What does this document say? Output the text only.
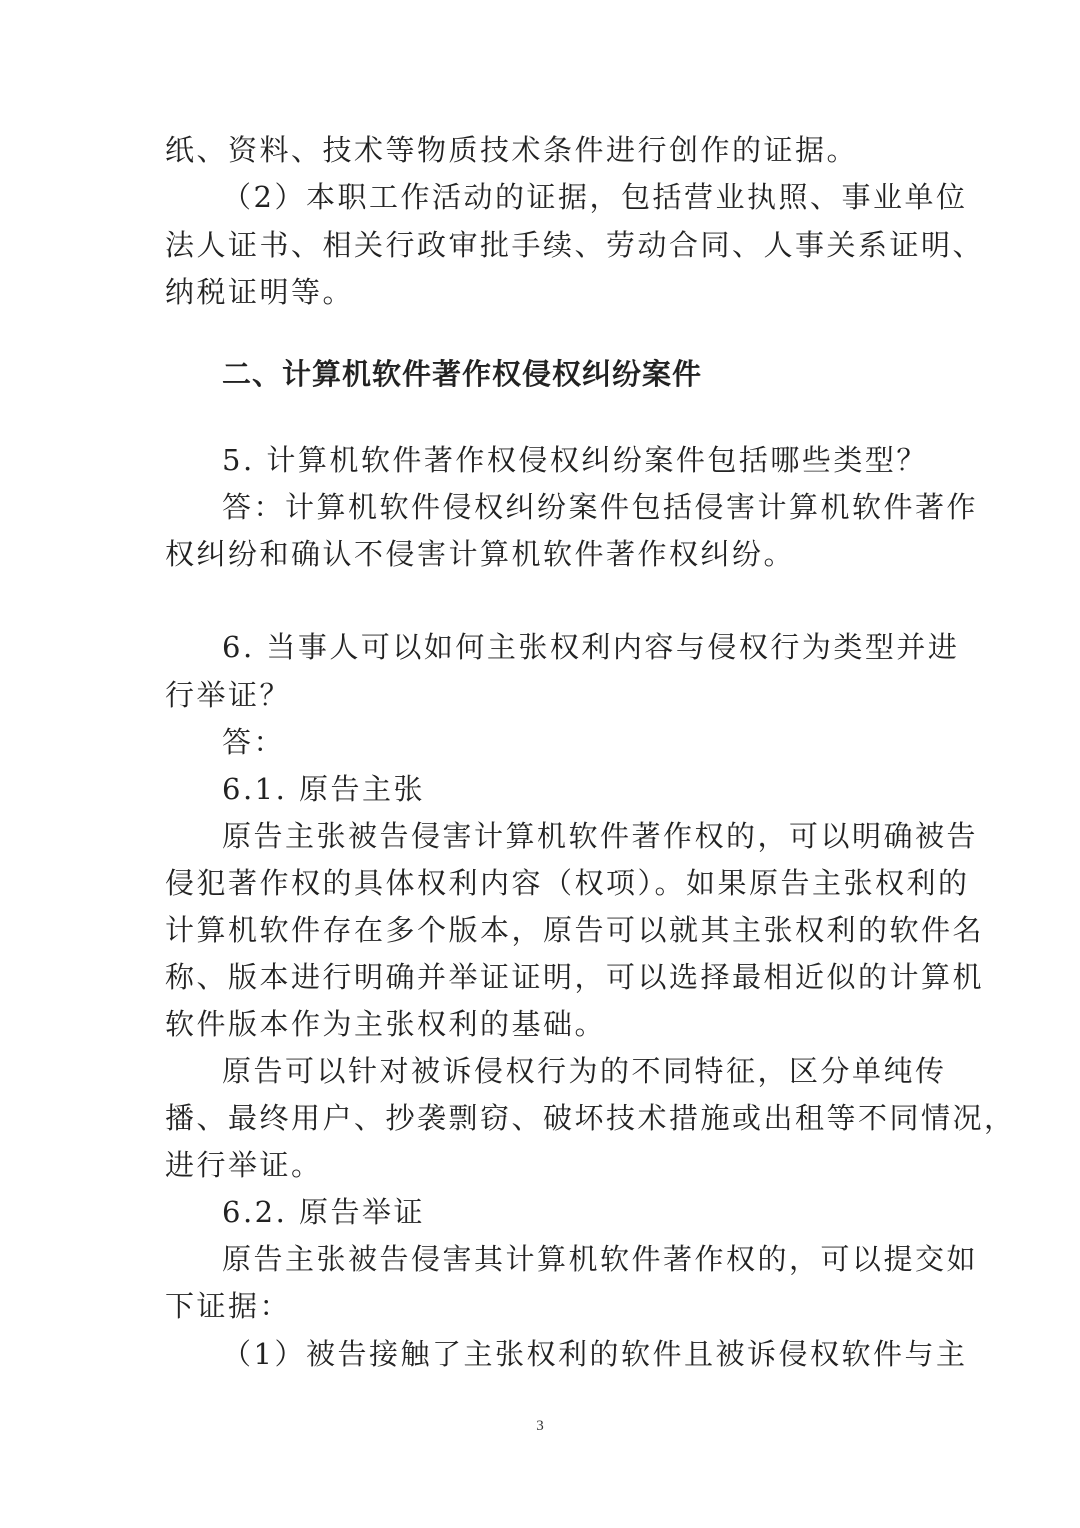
纸、资料、技术等物质技术条件进行创作的证据。
（2）本职工作活动的证据，包括营业执照、事业单位
法人证书、相关行政审批手续、劳动合同、人事关系证明、
纳税证明等。
二、计算机软件著作权侵权纠纷案件
5. 计算机软件著作权侵权纠纷案件包括哪些类型？
答：计算机软件侵权纠纷案件包括侵害计算机软件著作
权纠纷和确认不侵害计算机软件著作权纠纷。
6. 当事人可以如何主张权利内容与侵权行为类型并进
行举证？
答：
6.1. 原告主张
原告主张被告侵害计算机软件著作权的，可以明确被告
侵犯著作权的具体权利内容（权项）。如果原告主张权利的
计算机软件存在多个版本，原告可以就其主张权利的软件名
称、版本进行明确并举证证明，可以选择最相近似的计算机
软件版本作为主张权利的基础。
原告可以针对被诉侵权行为的不同特征，区分单纯传
播、最终用户、抄袭剽窃、破坏技术措施或出租等不同情况，
进行举证。
6.2. 原告举证
原告主张被告侵害其计算机软件著作权的，可以提交如
下证据：
（1）被告接触了主张权利的软件且被诉侵权软件与主
3
